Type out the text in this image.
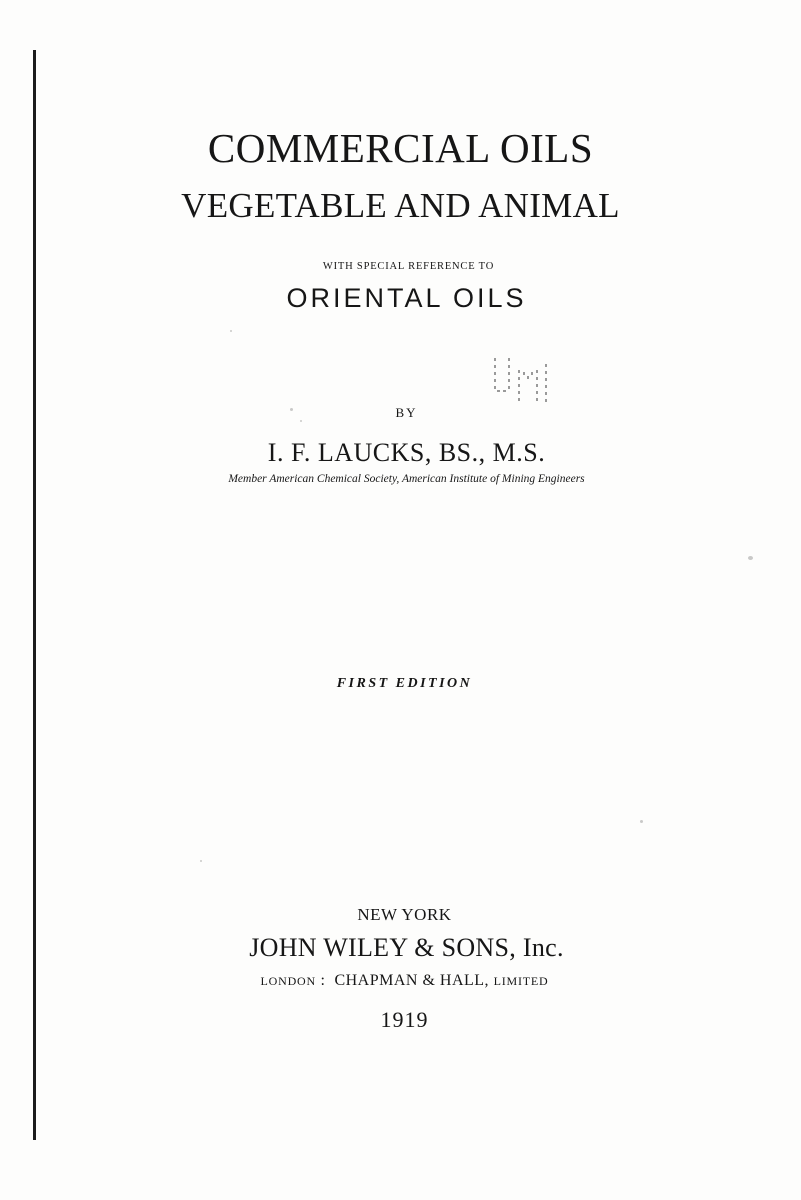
COMMERCIAL OILS
VEGETABLE AND ANIMAL
WITH SPECIAL REFERENCE TO
ORIENTAL OILS
BY
I. F. LAUCKS, BS., M.S.
Member American Chemical Society, American Institute of Mining Engineers
FIRST EDITION
NEW YORK
JOHN WILEY & SONS, Inc.
LONDON : CHAPMAN & HALL, LIMITED
1919
